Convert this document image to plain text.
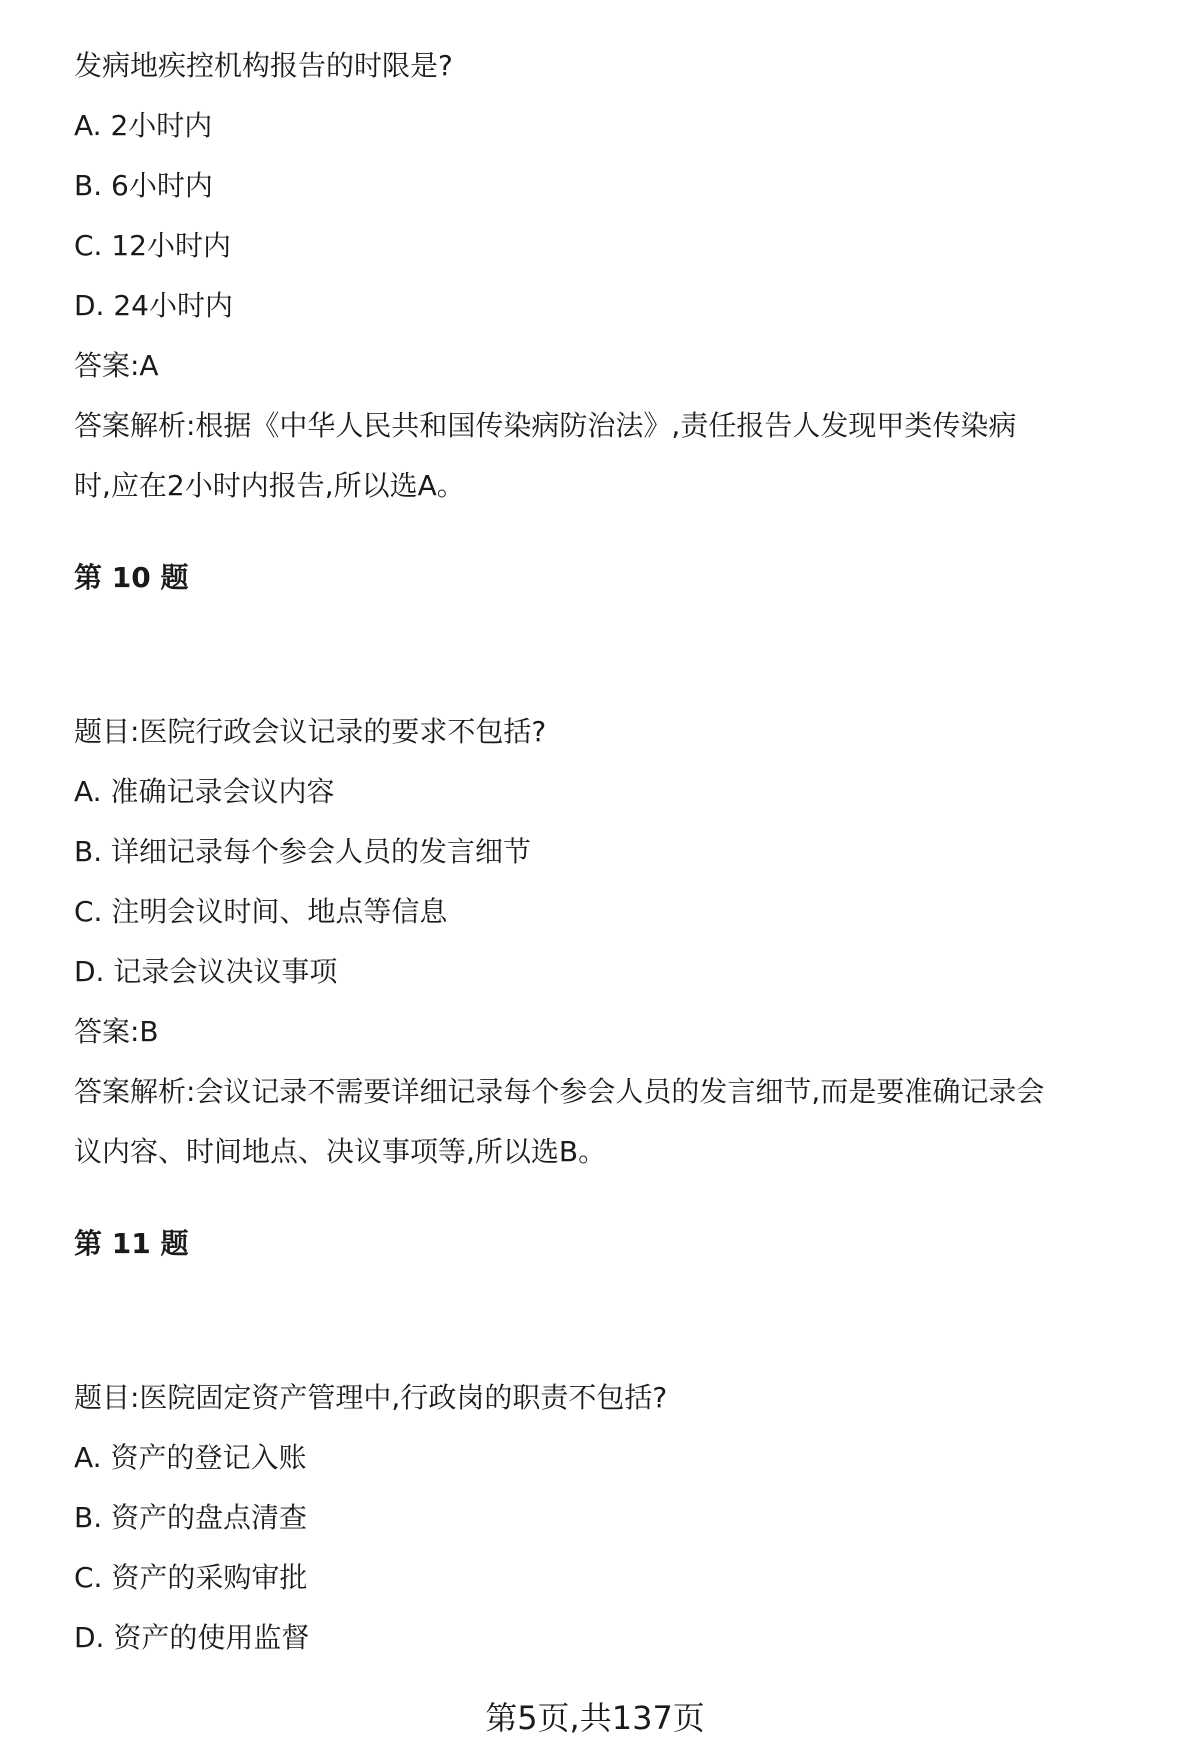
发病地疾控机构报告的时限是?
A. 2小时内
B. 6小时内
C. 12小时内
D. 24小时内
答案:A
答案解析:根据《中华人民共和国传染病防治法》,责任报告人发现甲类传染病
时,应在2小时内报告,所以选A。
第 10 题
题目:医院行政会议记录的要求不包括?
A. 准确记录会议内容
B. 详细记录每个参会人员的发言细节
C. 注明会议时间、地点等信息
D. 记录会议决议事项
答案:B
答案解析:会议记录不需要详细记录每个参会人员的发言细节,而是要准确记录会
议内容、时间地点、决议事项等,所以选B。
第 11 题
题目:医院固定资产管理中,行政岗的职责不包括?
A. 资产的登记入账
B. 资产的盘点清查
C. 资产的采购审批
D. 资产的使用监督
第5页,共137页
